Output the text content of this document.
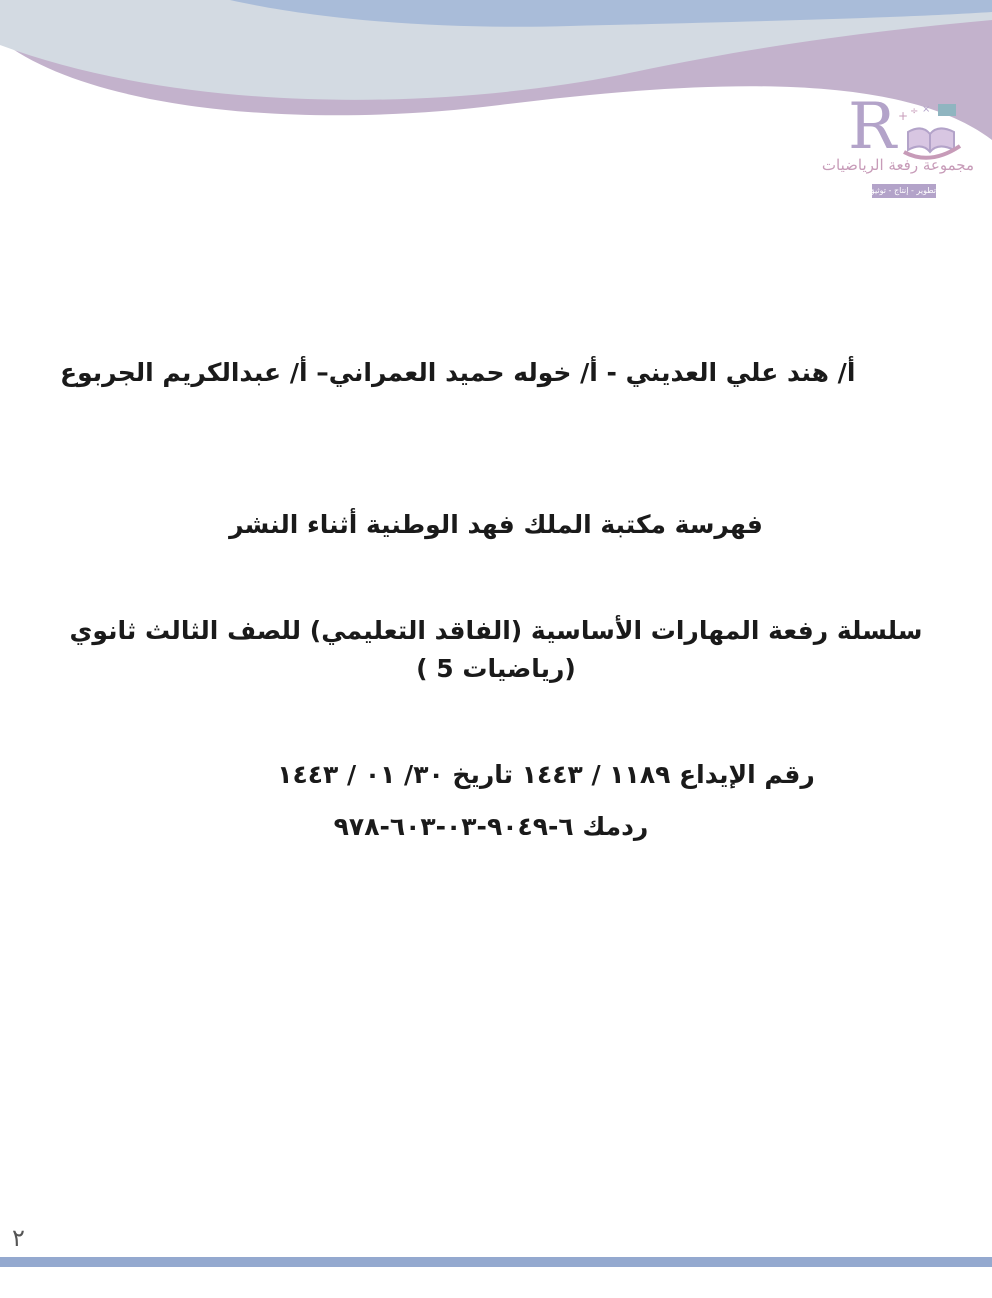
R + ÷ ×
مجموعة رفعة الرياضيات
تطوير - إنتاج - توثيق

أ/ هند علي العديني - أ/ خوله حميد العمراني– أ/ عبدالكريم الجربوع

فهرسة مكتبة الملك فهد الوطنية أثناء النشر

سلسلة رفعة المهارات الأساسية (الفاقد التعليمي) للصف الثالث ثانوي

(رياضيات 5 )

رقم الإيداع ١١٨٩ / ١٤٤٣ تاريخ ٣٠/ ٠١ / ١٤٤٣

ردمك ٦-٩٠٤٩-٠٣-٦٠٣-٩٧٨

٢
